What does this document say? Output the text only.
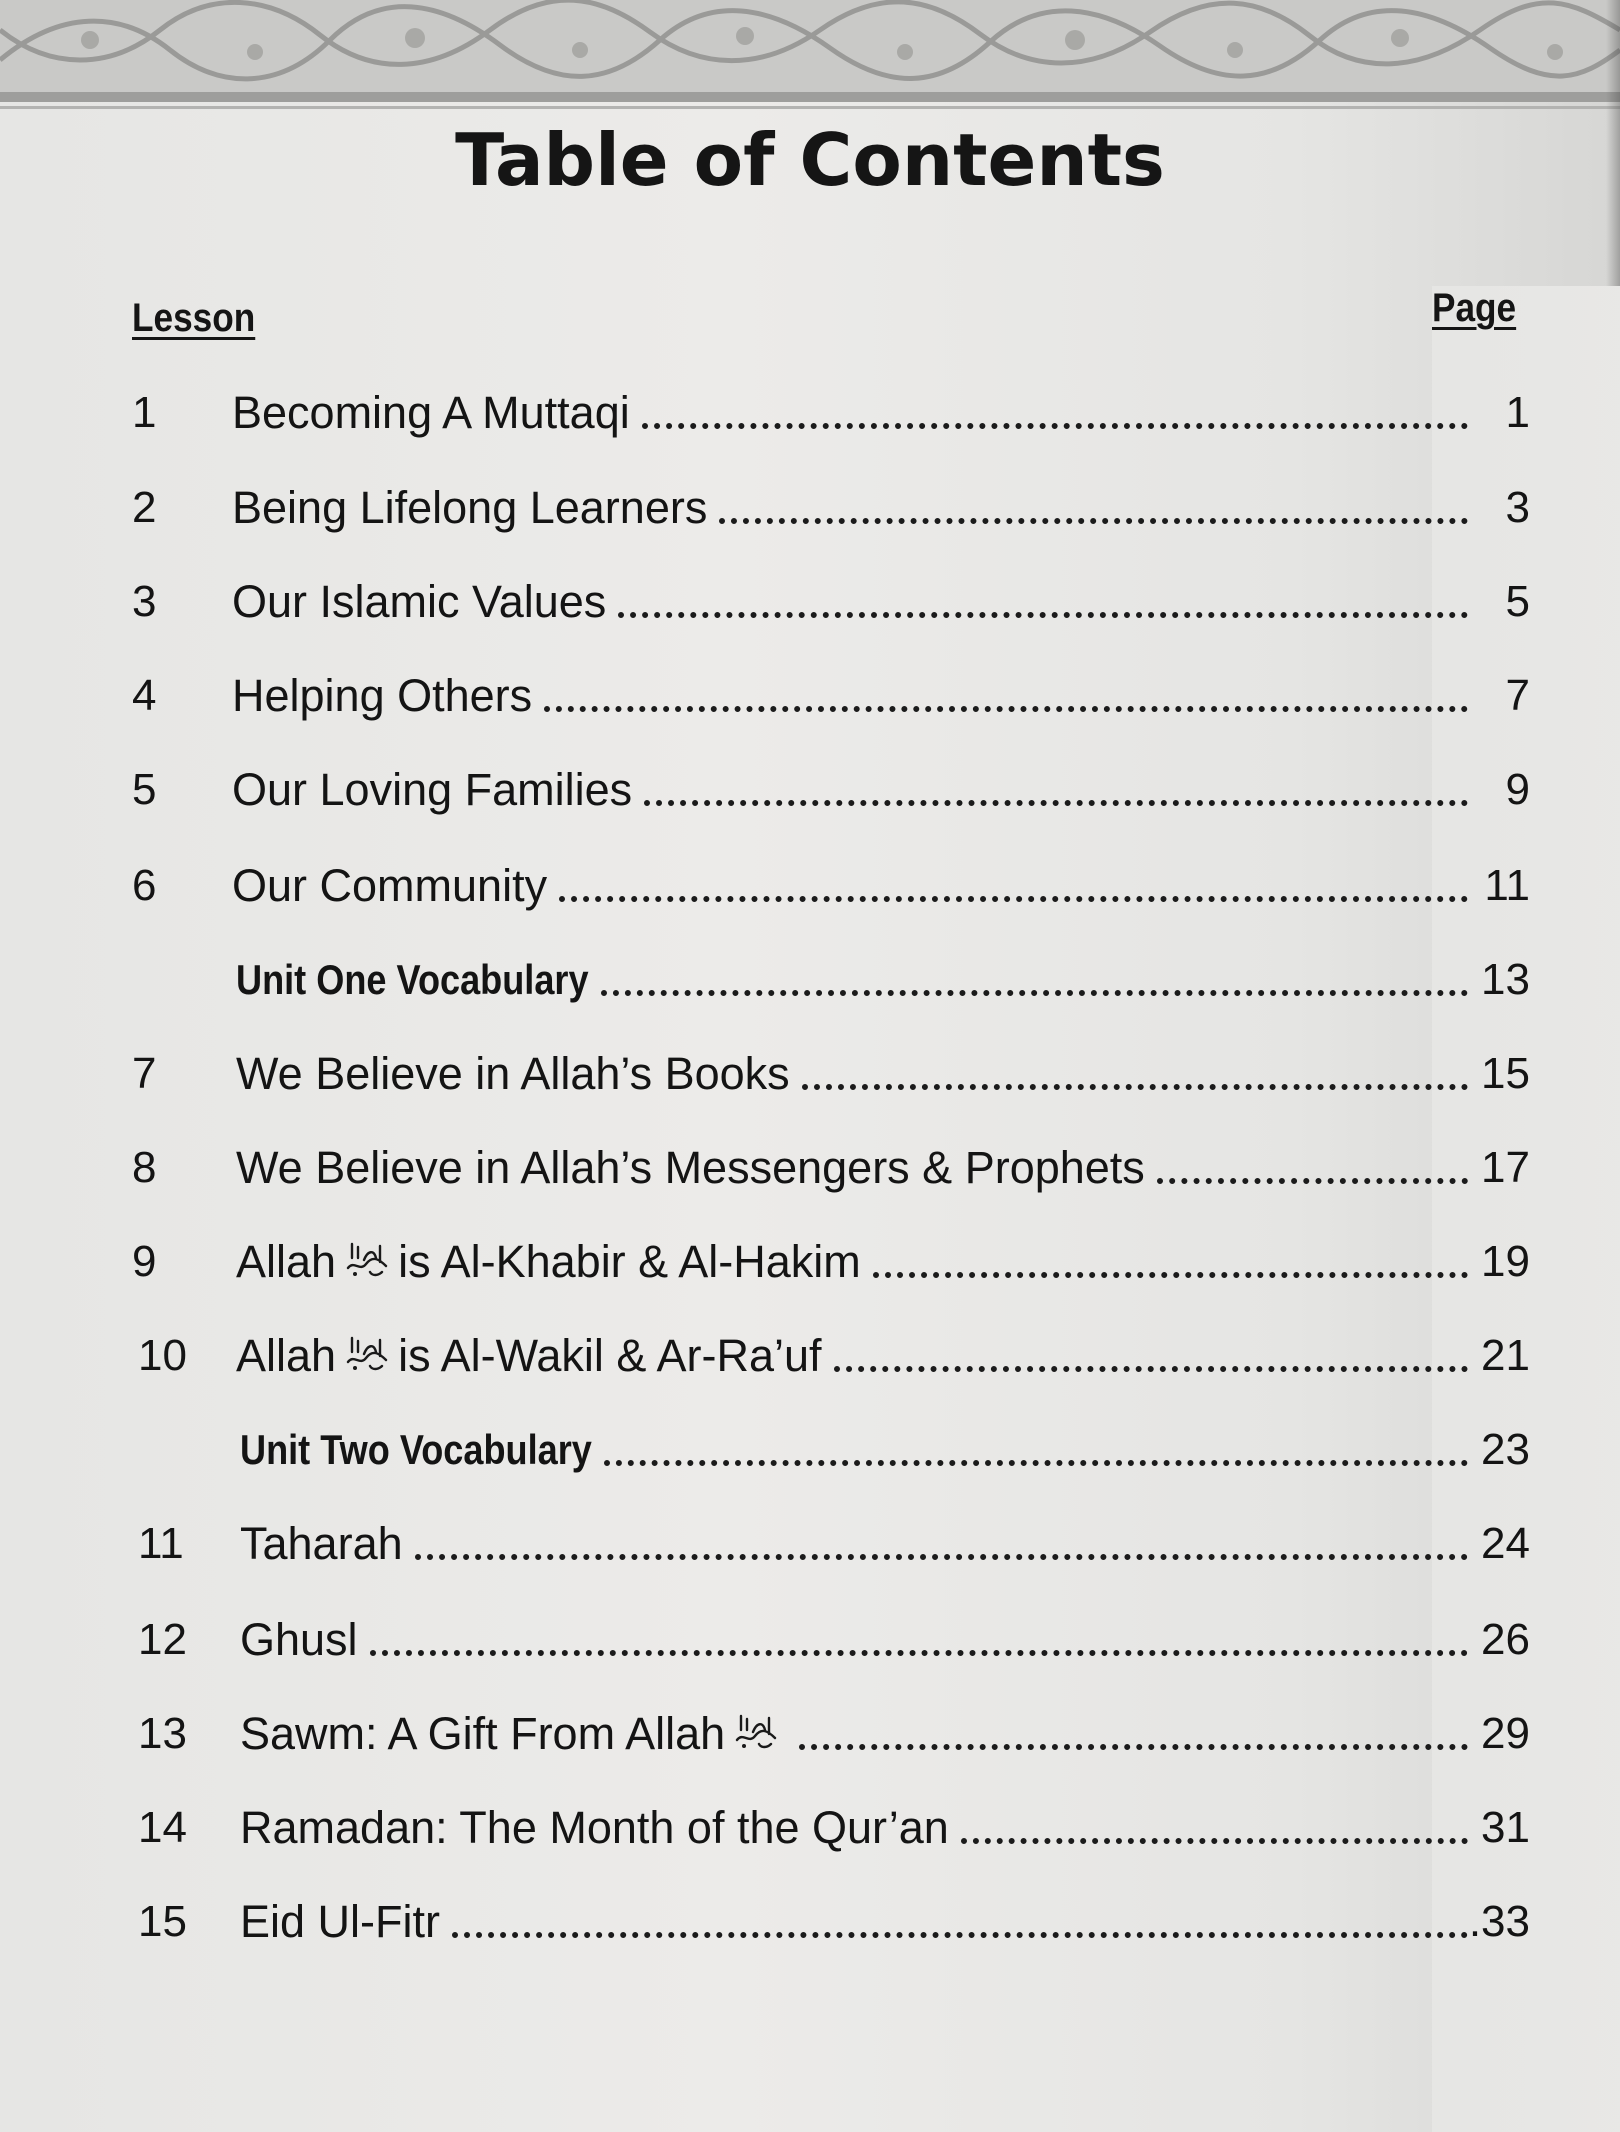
Table of Contents
Lesson	Page
1 Becoming A Muttaqi	1
2 Being Lifelong Learners	3
3 Our Islamic Values	5
4 Helping Others	7
5 Our Loving Families	9
6 Our Community	11
Unit One Vocabulary	13
7 We Believe in Allah’s Books	15
8 We Believe in Allah’s Messengers & Prophets	17
9 Allah is Al-Khabir & Al-Hakim	19
10 Allah is Al-Wakil & Ar-Ra’uf	21
Unit Two Vocabulary	23
11 Taharah	24
12 Ghusl	26
13 Sawm: A Gift From Allah	29
14 Ramadan: The Month of the Qur’an	31
15 Eid Ul-Fitr	.33
